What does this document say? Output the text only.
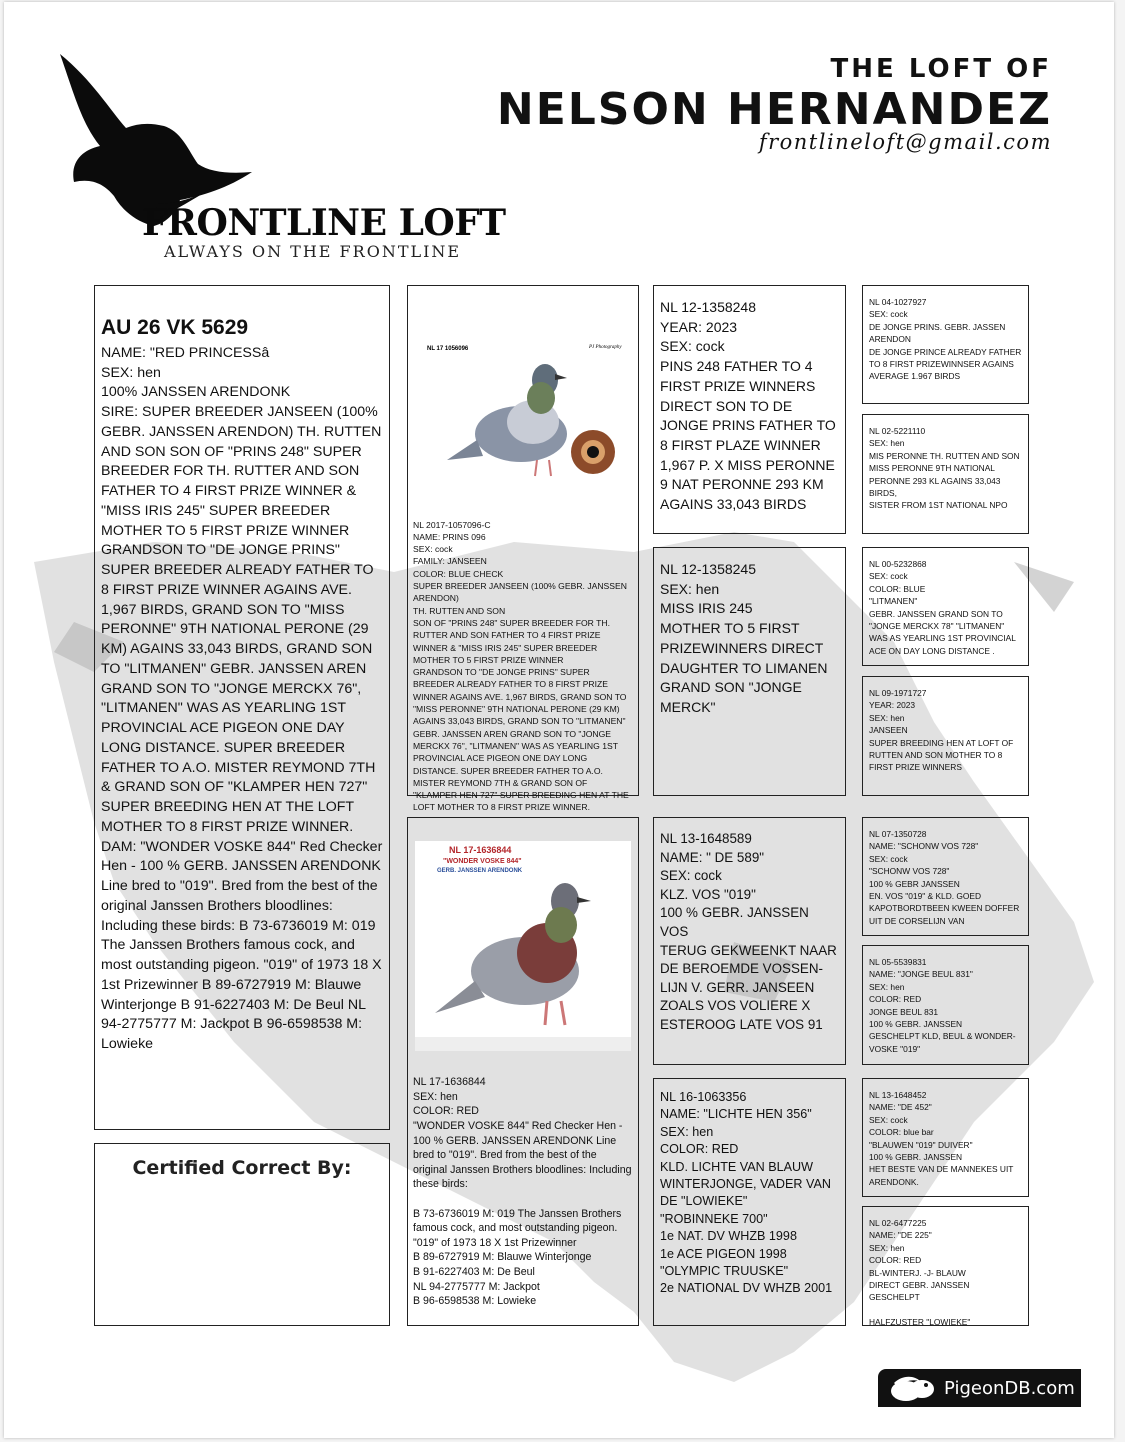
FRONTLINE LOFT
ALWAYS ON THE FRONTLINE
THE LOFT OF
NELSON HERNANDEZ
frontlineloft@gmail.com

AU 26 VK 5629
NAME: "RED PRINCESSâ
SEX: hen
100% JANSSEN ARENDONK
SIRE: SUPER BREEDER JANSEEN (100% GEBR. JANSSEN ARENDON) TH. RUTTEN AND SON SON OF "PRINS 248" SUPER BREEDER FOR TH. RUTTER AND SON FATHER TO 4 FIRST PRIZE WINNER & "MISS IRIS 245" SUPER BREEDER MOTHER TO 5 FIRST PRIZE WINNER GRANDSON TO "DE JONGE PRINS" SUPER BREEDER ALREADY FATHER TO 8 FIRST PRIZE WINNER AGAINS AVE. 1,967 BIRDS, GRAND SON TO "MISS PERONNE" 9TH NATIONAL PERONE (29 KM) AGAINS 33,043 BIRDS, GRAND SON TO "LITMANEN" GEBR. JANSSEN AREN GRAND SON TO "JONGE MERCKX 76", "LITMANEN" WAS AS YEARLING 1ST PROVINCIAL ACE PIGEON ONE DAY LONG DISTANCE. SUPER BREEDER FATHER TO A.O. MISTER REYMOND 7TH & GRAND SON OF "KLAMPER HEN 727" SUPER BREEDING HEN AT THE LOFT MOTHER TO 8 FIRST PRIZE WINNER.
DAM: "WONDER VOSKE 844" Red Checker Hen - 100 % GERB. JANSSEN ARENDONK Line bred to "019". Bred from the best of the original Janssen Brothers bloodlines: Including these birds: B 73-6736019 M: 019 The Janssen Brothers famous cock, and most outstanding pigeon. "019" of 1973 18 X 1st Prizewinner B 89-6727919 M: Blauwe Winterjonge B 91-6227403 M: De Beul NL 94-2775777 M: Jackpot B 96-6598538 M: Lowieke

NL 17 1056096	PJ Photography

NL 2017-1057096-C
NAME: PRINS 096
SEX: cock
FAMILY: JANSEEN
COLOR: BLUE CHECK
SUPER BREEDER JANSEEN (100% GEBR. JANSSEN ARENDON)
TH. RUTTEN AND SON
SON OF "PRINS 248" SUPER BREEDER FOR TH. RUTTER AND SON FATHER TO 4 FIRST PRIZE WINNER & "MISS IRIS 245" SUPER BREEDER MOTHER TO 5 FIRST PRIZE WINNER
GRANDSON TO "DE JONGE PRINS" SUPER BREEDER ALREADY FATHER TO 8 FIRST PRIZE WINNER AGAINS AVE. 1,967 BIRDS, GRAND SON TO "MISS PERONNE" 9TH NATIONAL PERONE (29 KM) AGAINS 33,043 BIRDS, GRAND SON TO "LITMANEN" GEBR. JANSSEN AREN GRAND SON TO "JONGE MERCKX 76", "LITMANEN" WAS AS YEARLING 1ST PROVINCIAL ACE PIGEON ONE DAY LONG DISTANCE. SUPER BREEDER FATHER TO A.O. MISTER REYMOND 7TH & GRAND SON OF "KLAMPER HEN 727" SUPER BREEDING HEN AT THE LOFT MOTHER TO 8 FIRST PRIZE WINNER.

NL 17-1636844
"WONDER VOSKE 844"
GERB. JANSSEN ARENDONK

NL 17-1636844
SEX: hen
COLOR: RED
"WONDER VOSKE 844" Red Checker Hen - 100 % GERB. JANSSEN ARENDONK Line bred to "019". Bred from the best of the original Janssen Brothers bloodlines: Including these birds:

B 73-6736019 M: 019 The Janssen Brothers famous cock, and most outstanding pigeon. "019" of 1973 18 X 1st Prizewinner
B 89-6727919 M: Blauwe Winterjonge
B 91-6227403 M: De Beul
NL 94-2775777 M: Jackpot
B 96-6598538 M: Lowieke

NL 12-1358248
YEAR: 2023
SEX: cock
PINS 248 FATHER TO 4 FIRST PRIZE WINNERS DIRECT SON TO DE JONGE PRINS FATHER TO 8 FIRST PLAZE WINNER 1,967 P. X MISS PERONNE 9 NAT PERONNE 293 KM AGAINS 33,043 BIRDS
NL 12-1358245
SEX: hen
MISS IRIS 245
MOTHER TO 5 FIRST PRIZEWINNERS DIRECT DAUGHTER TO LIMANEN GRAND SON "JONGE MERCK"
NL 13-1648589
NAME: " DE 589"
SEX: cock
KLZ. VOS "019"
100 % GEBR. JANSSEN
VOS
TERUG GEKWEENKT NAAR DE BEROEMDE VOSSEN-LIJN V. GERR. JANSEEN ZOALS VOS VOLIERE X ESTEROOG LATE VOS 91
NL 16-1063356
NAME: "LICHTE HEN 356"
SEX: hen
COLOR: RED
KLD. LICHTE VAN BLAUW WINTERJONGE, VADER VAN DE "LOWIEKE"
"ROBINNEKE 700"
1e NAT. DV WHZB 1998
1e ACE PIGEON 1998
"OLYMPIC TRUUSKE"
2e NATIONAL DV WHZB 2001
NL 04-1027927
SEX: cock
DE JONGE PRINS. GEBR. JASSEN ARENDON
DE JONGE PRINCE ALREADY FATHER TO 8 FIRST PRIZEWINNSER AGAINS AVERAGE 1.967 BIRDS
NL 02-5221110
SEX: hen
MIS PERONNE TH. RUTTEN AND SON
MISS PERONNE 9TH NATIONAL PERONNE 293 KL AGAINS 33,043 BIRDS,
SISTER FROM 1ST NATIONAL NPO
NL 00-5232868
SEX: cock
COLOR: BLUE
"LITMANEN"
GEBR. JANSSEN GRAND SON TO "JONGE MERCKX 78" "LITMANEN" WAS AS YEARLING 1ST PROVINCIAL ACE ON DAY LONG DISTANCE .
NL 09-1971727
YEAR: 2023
SEX: hen
JANSEEN
SUPER BREEDING HEN AT LOFT OF RUTTEN AND SON MOTHER TO 8 FIRST PRIZE WINNERS
NL 07-1350728
NAME: "SCHONW VOS 728"
SEX: cock
"SCHONW VOS 728"
100 % GEBR JANSSEN
EN. VOS "019" & KLD. GOED KAPOTBORDTBEEN KWEEN DOFFER UIT DE CORSELIJN VAN
NL 05-5539831
NAME: "JONGE BEUL 831"
SEX: hen
COLOR: RED
JONGE BEUL 831
100 % GEBR. JANSSEN
GESCHELPT KLD, BEUL & WONDER-VOSKE "019"
NL 13-1648452
NAME: "DE 452"
SEX: cock
COLOR: blue bar
"BLAUWEN "019" DUIVER"
100 % GEBR. JANSSEN
HET BESTE VAN DE MANNEKES UIT ARENDONK.
NL 02-6477225
NAME: "DE 225"
SEX: hen
COLOR: RED
BL-WINTERJ. -J- BLAUW
DIRECT GEBR. JANSSEN GESCHELPT

HALFZUSTER "LOWIEKE"

Certified Correct By:

PigeonDB.com
